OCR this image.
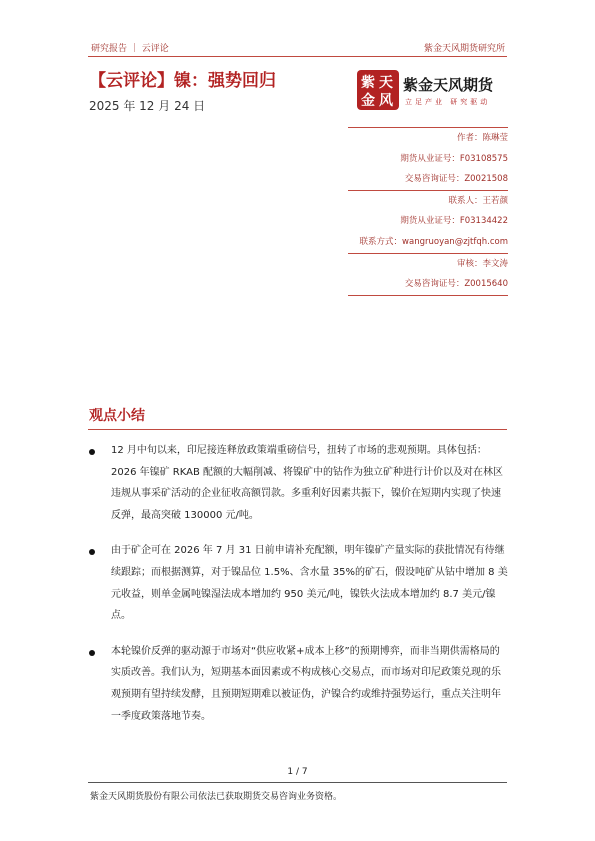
研究报告 ｜ 云评论	紫金天风期货研究所
【云评论】镍：强势回归
2025 年 12 月 24 日
紫 天
金 风
紫金天风期货
立足产业 研究驱动
作者：陈琳莹
期货从业证号：F03108575
交易咨询证号：Z0021508
联系人：王若颜
期货从业证号：F03134422
联系方式：wangruoyan@zjtfqh.com
审核：李文涛
交易咨询证号：Z0015640
观点小结
12 月中旬以来，印尼接连释放政策端重磅信号，扭转了市场的悲观预期。具体包括：2026 年镍矿 RKAB 配额的大幅削减、将镍矿中的钴作为独立矿种进行计价以及对在林区违规从事采矿活动的企业征收高额罚款。多重利好因素共振下，镍价在短期内实现了快速反弹，最高突破 130000 元/吨。
由于矿企可在 2026 年 7 月 31 日前申请补充配额，明年镍矿产量实际的获批情况有待继续跟踪；而根据测算，对于镍品位 1.5%、含水量 35%的矿石，假设吨矿从钴中增加 8 美元收益，则单金属吨镍湿法成本增加约 950 美元/吨，镍铁火法成本增加约 8.7 美元/镍点。
本轮镍价反弹的驱动源于市场对“供应收紧+成本上移”的预期博弈，而非当期供需格局的实质改善。我们认为，短期基本面因素或不构成核心交易点，而市场对印尼政策兑现的乐观预期有望持续发酵，且预期短期难以被证伪，沪镍合约或维持强势运行，重点关注明年一季度政策落地节奏。
1 / 7
紫金天风期货股份有限公司依法已获取期货交易咨询业务资格。
